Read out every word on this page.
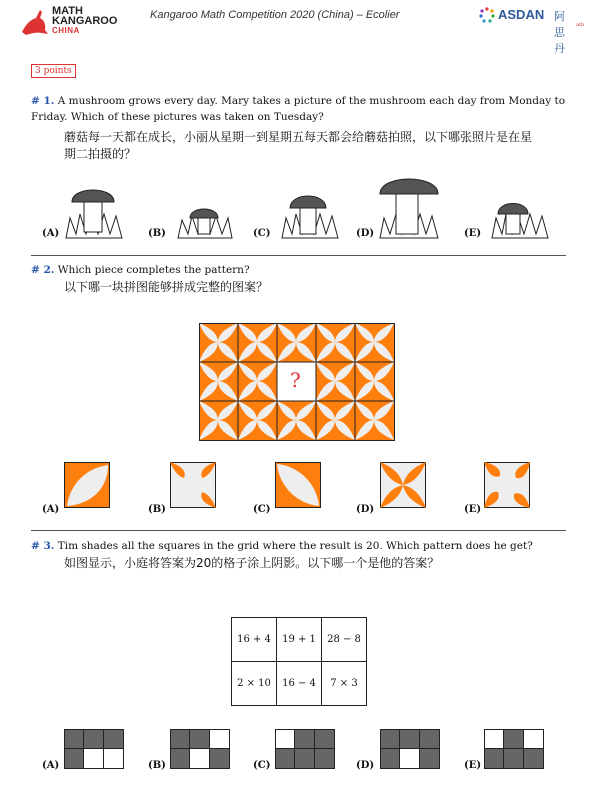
MATH
KANGAROO
CHINA
Kangaroo Math Competition 2020 (China) – Ecolier	ASDAN 阿思丹
ath
3 points
# 1. A mushroom grows every day. Mary takes a picture of the mushroom each day from Monday to
Friday. Which of these pictures was taken on Tuesday?
蘑菇每一天都在成长，小丽从星期一到星期五每天都会给蘑菇拍照，以下哪张照片是在星
期二拍摄的？
(A)	(B)	(C)	(D)	(E)
# 2. Which piece completes the pattern?
以下哪一块拼图能够拼成完整的图案？
?
(A)	(B)	(C)	(D)	(E)
# 3. Tim shades all the squares in the grid where the result is 20. Which pattern does he get?
如图显示，小庭将答案为20的格子涂上阴影。以下哪一个是他的答案？
16 + 4	19 + 1	28 − 8
2 × 10	16 − 4	7 × 3
(A)	(B)	(C)	(D)	(E)
